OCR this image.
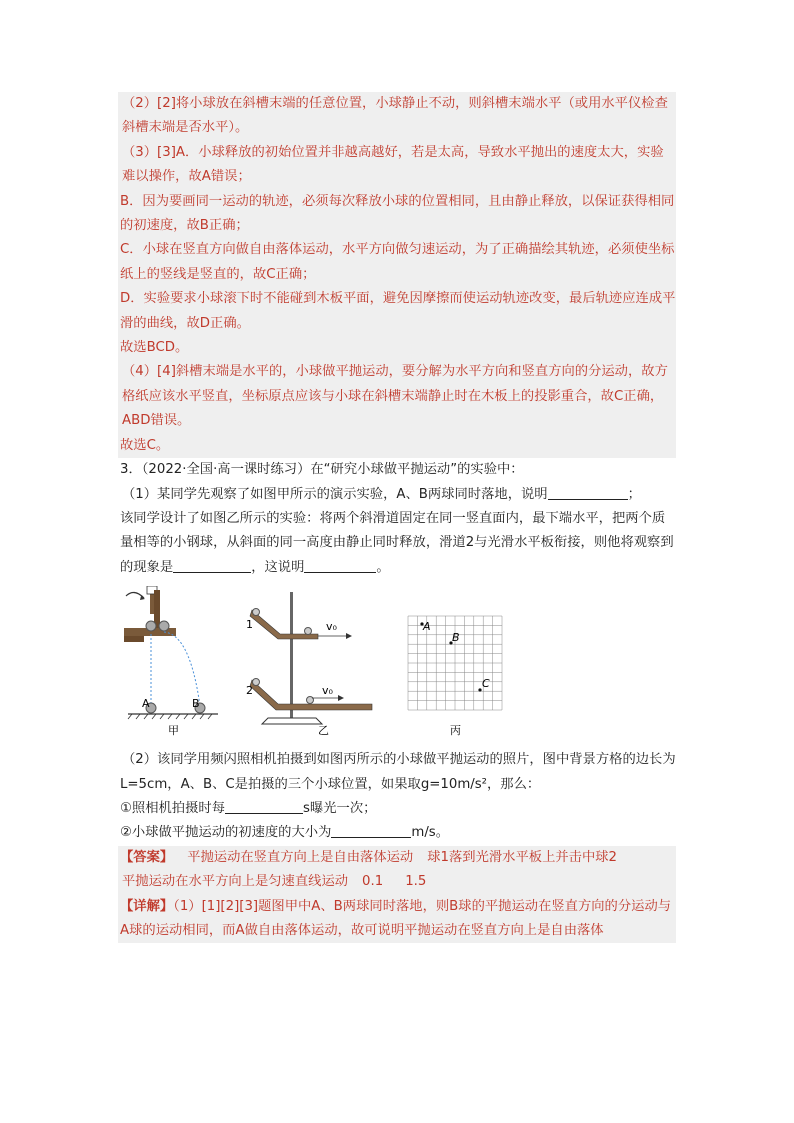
（2）[2]将小球放在斜槽末端的任意位置，小球静止不动，则斜槽末端水平（或用水平仪检查斜槽末端是否水平）。

（3）[3]A．小球释放的初始位置并非越高越好，若是太高，导致水平抛出的速度太大，实验难以操作，故A错误；

B．因为要画同一运动的轨迹，必须每次释放小球的位置相同，且由静止释放，以保证获得相同的初速度，故B正确；

C．小球在竖直方向做自由落体运动，水平方向做匀速运动，为了正确描绘其轨迹，必须使坐标纸上的竖线是竖直的，故C正确；

D．实验要求小球滚下时不能碰到木板平面，避免因摩擦而使运动轨迹改变，最后轨迹应连成平滑的曲线，故D正确。

故选BCD。

（4）[4]斜槽末端是水平的，小球做平抛运动，要分解为水平方向和竖直方向的分运动，故方格纸应该水平竖直，坐标原点应该与小球在斜槽末端静止时在木板上的投影重合，故C正确，ABD错误。

故选C。

3．（2022·全国·高一课时练习）在“研究小球做平抛运动”的实验中：

（1）某同学先观察了如图甲所示的演示实验，A、B两球同时落地，说明	；

该同学设计了如图乙所示的实验：将两个斜滑道固定在同一竖直面内，最下端水平，把两个质量相等的小钢球，从斜面的同一高度由静止同时释放，滑道2与光滑水平板衔接，则他将观察到的现象是	，这说明	。

A	B
甲
v₀
v₀
1
2
乙
A
B
C
丙

（2）该同学用频闪照相机拍摄到如图丙所示的小球做平抛运动的照片，图中背景方格的边长为

L=5cm，A、B、C是拍摄的三个小球位置，如果取g=10m/s²，那么：

①照相机拍摄时每	s曝光一次；

②小球做平抛运动的初速度的大小为	m/s。

【答案】 平抛运动在竖直方向上是自由落体运动 球1落到光滑水平板上并击中球2

平抛运动在水平方向上是匀速直线运动 0.1 1.5

【详解】（1）[1][2][3]题图甲中A、B两球同时落地，则B球的平抛运动在竖直方向的分运动与A球的运动相同，而A做自由落体运动，故可说明平抛运动在竖直方向上是自由落体
